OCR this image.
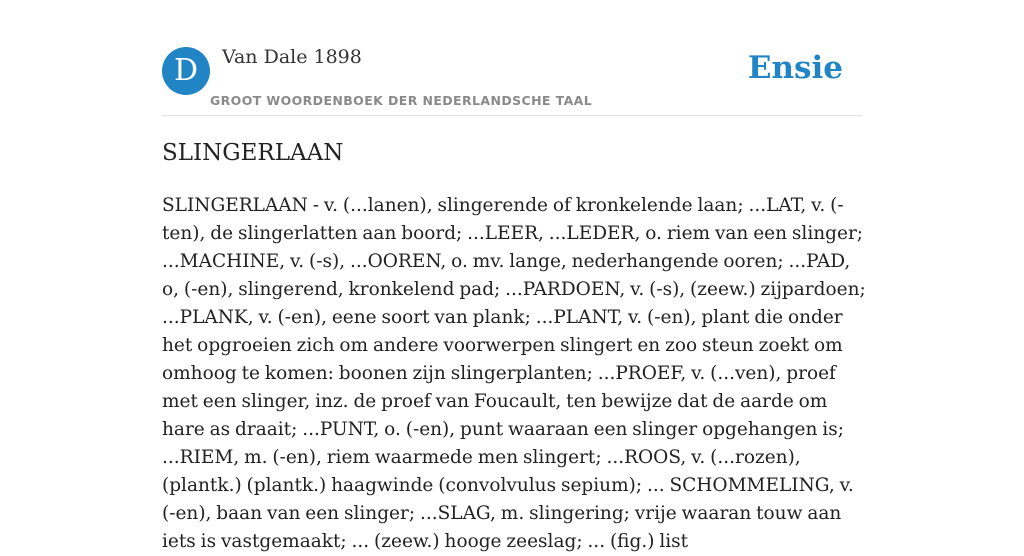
D	Van Dale 1898
GROOT WOORDENBOEK DER NEDERLANDSCHE TAAL
Ensie
SLINGERLAAN
SLINGERLAAN - v. (...lanen), slingerende of kronkelende laan; ...LAT, v. (-ten), de slingerlatten aan boord; ...LEER, ...LEDER, o. riem van een slinger; ...MACHINE, v. (-s), ...OOREN, o. mv. lange, nederhangende ooren; ...PAD, o, (-en), slingerend, kronkelend pad; ...PARDOEN, v. (-s), (zeew.) zijpardoen; ...PLANK, v. (-en), eene soort van plank; ...PLANT, v. (-en), plant die onder het opgroeien zich om andere voorwerpen slingert en zoo steun zoekt om omhoog te komen: boonen zijn slingerplanten; ...PROEF, v. (...ven), proef met een slinger, inz. de proef van Foucault, ten bewijze dat de aarde om hare as draait; ...PUNT, o. (-en), punt waaraan een slinger opgehangen is; ...RIEM, m. (-en), riem waarmede men slingert; ...ROOS, v. (...rozen), (plantk.) (plantk.) haagwinde (convolvulus sepium); ... SCHOMMELING, v. (-en), baan van een slinger; ...SLAG, m. slingering; vrije waaran touw aan iets is vastgemaakt; ... (zeew.) hooge zeeslag; ... (fig.) list
